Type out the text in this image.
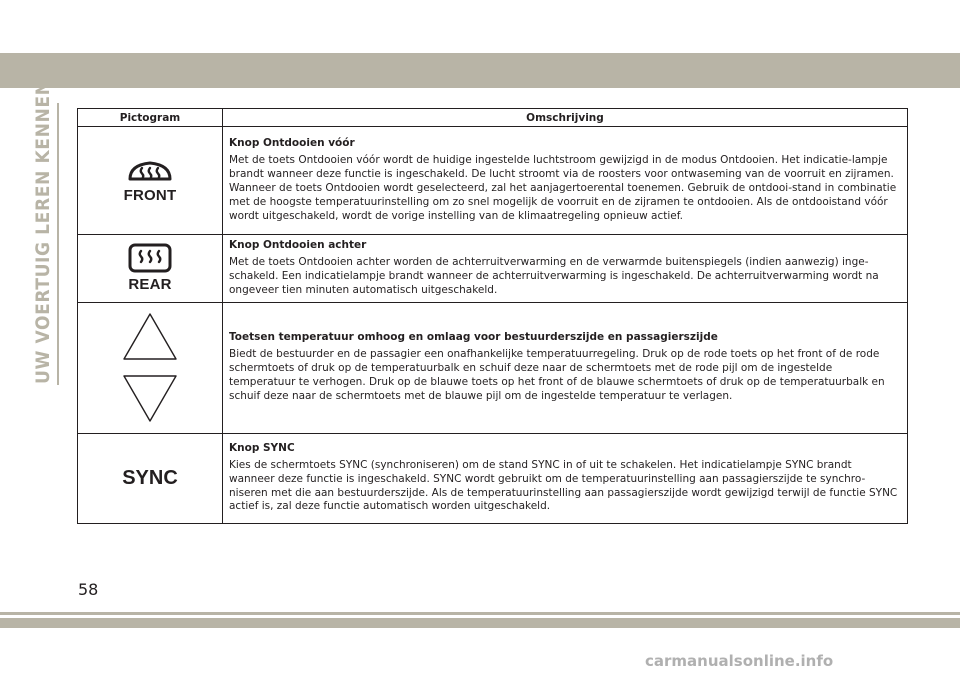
UW VOERTUIG LEREN KENNEN	Pictogram	Omschrijving

FRONT	Knop Ontdooien vóór
Met de toets Ontdooien vóór wordt de huidige ingestelde luchtstroom gewijzigd in de modus Ontdooien. Het indicatie-lampje brandt wanneer deze functie is ingeschakeld. De lucht stroomt via de roosters voor ontwaseming van de voorruit en zijramen. Wanneer de toets Ontdooien wordt geselecteerd, zal het aanjagertoerental toenemen. Gebruik de ontdooi-stand in combinatie met de hoogste temperatuurinstelling om zo snel mogelijk de voorruit en de zijramen te ontdooien. Als de ontdooistand vóór wordt uitgeschakeld, wordt de vorige instelling van de klimaatregeling opnieuw actief.

REAR	Knop Ontdooien achter
Met de toets Ontdooien achter worden de achterruitverwarming en de verwarmde buitenspiegels (indien aanwezig) inge-schakeld. Een indicatielampje brandt wanneer de achterruitverwarming is ingeschakeld. De achterruitverwarming wordt na ongeveer tien minuten automatisch uitgeschakeld.

Toetsen temperatuur omhoog en omlaag voor bestuurderszijde en passagierszijde
Biedt de bestuurder en de passagier een onafhankelijke temperatuurregeling. Druk op de rode toets op het front of de rode schermtoets of druk op de temperatuurbalk en schuif deze naar de schermtoets met de rode pijl om de ingestelde temperatuur te verhogen. Druk op de blauwe toets op het front of de blauwe schermtoets of druk op de temperatuurbalk en schuif deze naar de schermtoets met de blauwe pijl om de ingestelde temperatuur te verlagen.

SYNC	Knop SYNC
Kies de schermtoets SYNC (synchroniseren) om de stand SYNC in of uit te schakelen. Het indicatielampje SYNC brandt wanneer deze functie is ingeschakeld. SYNC wordt gebruikt om de temperatuurinstelling aan passagierszijde te synchro-niseren met die aan bestuurderszijde. Als de temperatuurinstelling aan passagierszijde wordt gewijzigd terwijl de functie SYNC actief is, zal deze functie automatisch worden uitgeschakeld.
58
carmanualsonline.info
